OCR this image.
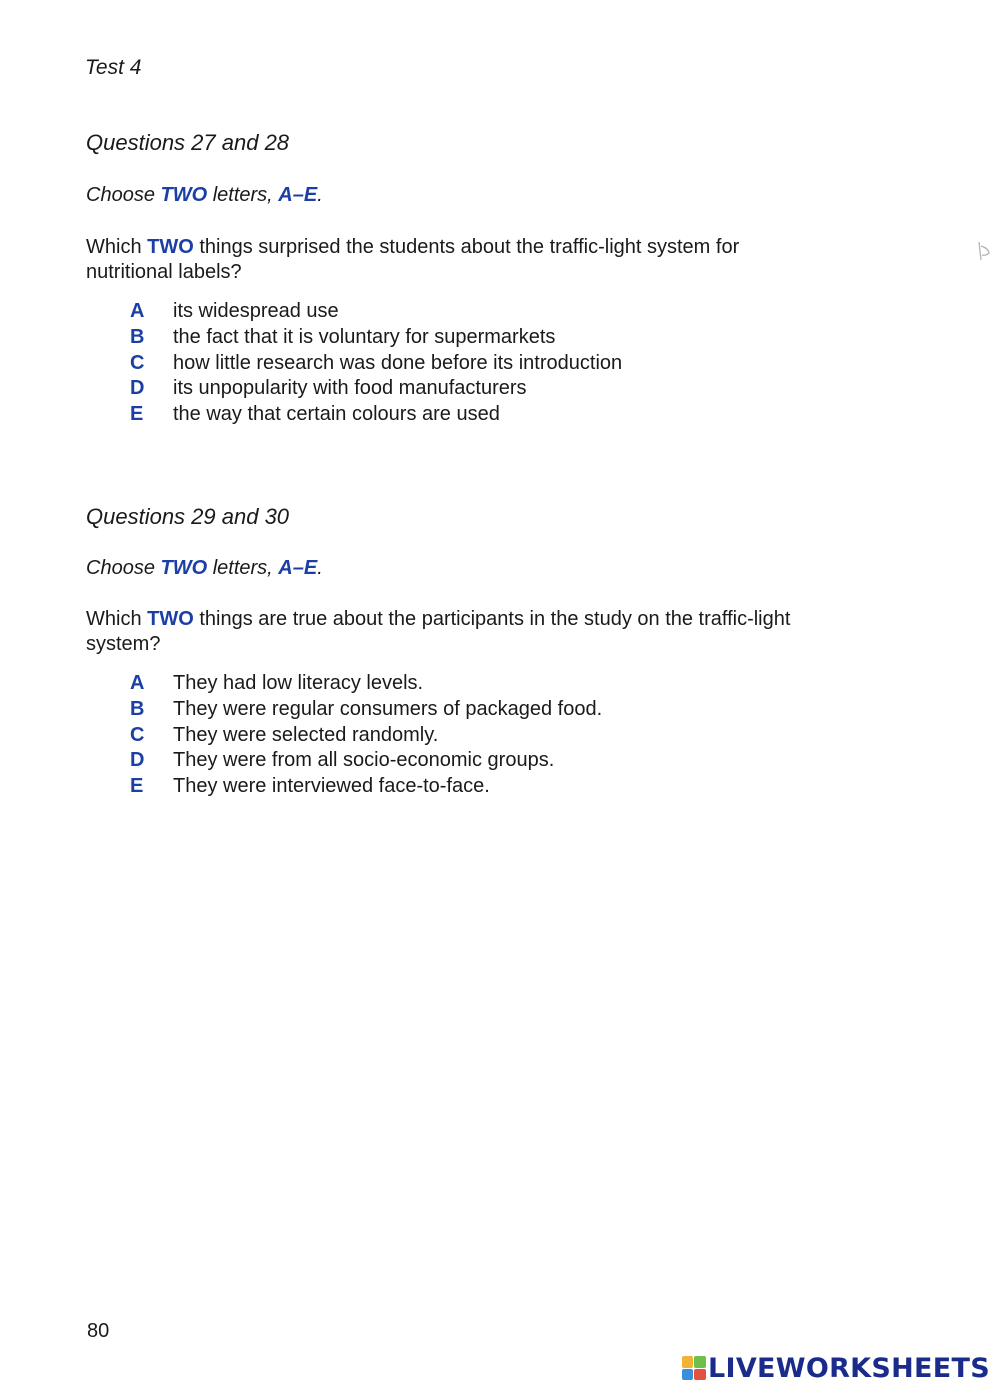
Test 4
Questions 27 and 28
Choose TWO letters, A–E.
Which TWO things surprised the students about the traffic-light system for
nutritional labels?
A its widespread use
B the fact that it is voluntary for supermarkets
C how little research was done before its introduction
D its unpopularity with food manufacturers
E the way that certain colours are used
Questions 29 and 30
Choose TWO letters, A–E.
Which TWO things are true about the participants in the study on the traffic-light
system?
A They had low literacy levels.
B They were regular consumers of packaged food.
C They were selected randomly.
D They were from all socio-economic groups.
E They were interviewed face-to-face.
80
LIVEWORKSHEETS
